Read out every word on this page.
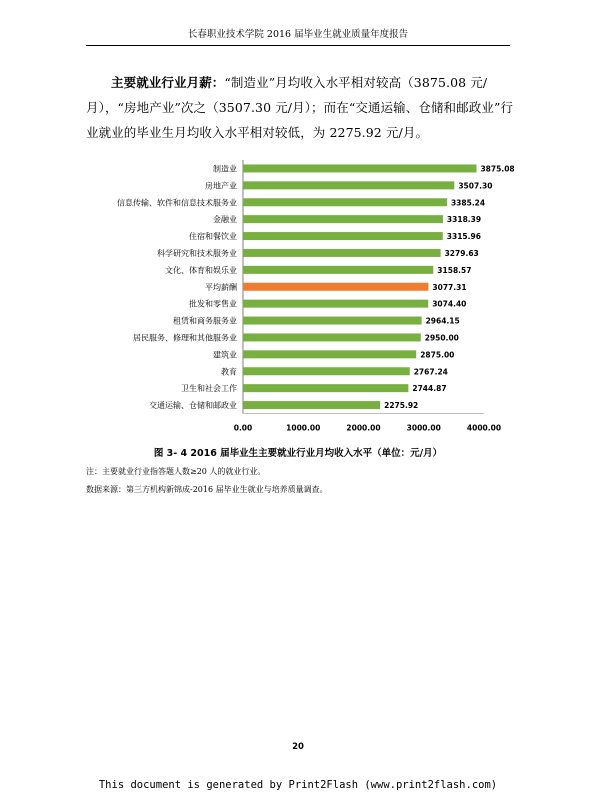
长春职业技术学院 2016 届毕业生就业质量年度报告
主要就业行业月薪：“制造业”月均收入水平相对较高（3875.08 元/月），“房地产业”次之（3507.30 元/月）；而在“交通运输、仓储和邮政业”行业就业的毕业生月均收入水平相对较低，为 2275.92 元/月。
制造业	3875.08
房地产业	3507.30
信息传输、软件和信息技术服务业	3385.24
金融业	3318.39
住宿和餐饮业	3315.96
科学研究和技术服务业	3279.63
文化、体育和娱乐业	3158.57
平均薪酬	3077.31
批发和零售业	3074.40
租赁和商务服务业	2964.15
居民服务、修理和其他服务业	2950.00
建筑业	2875.00
教育	2767.24
卫生和社会工作	2744.87
交通运输、仓储和邮政业	2275.92
0.00	1000.00	2000.00	3000.00	4000.00
图 3- 4 2016 届毕业生主要就业行业月均收入水平（单位：元/月）
注：主要就业行业指答题人数≥20 人的就业行业。
数据来源：第三方机构新锦成-2016 届毕业生就业与培养质量调查。
20
This document is generated by Print2Flash (www.print2flash.com)
